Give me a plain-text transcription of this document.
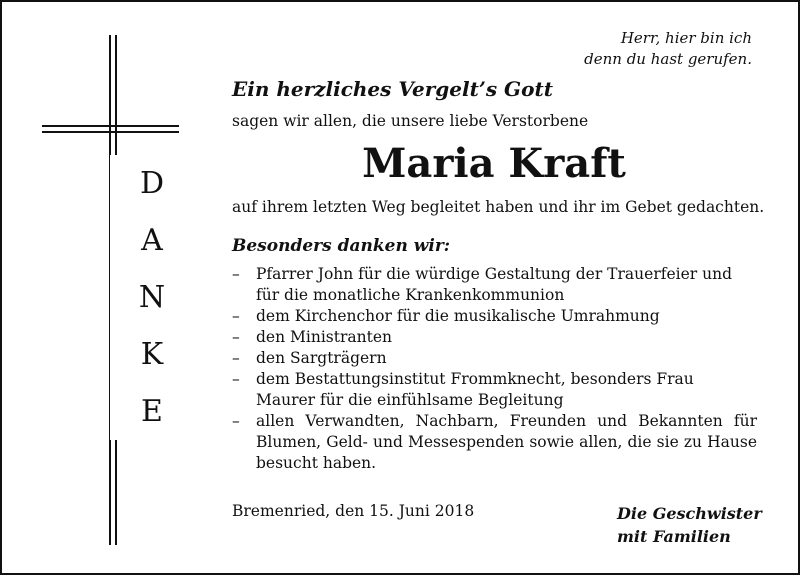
D
A
N
K
E
Herr, hier bin ich
denn du hast gerufen.
Ein herzliches Vergelt’s Gott
sagen wir allen, die unsere liebe Verstorbene
Maria Kraft
auf ihrem letzten Weg begleitet haben und ihr im Gebet gedachten.
Besonders danken wir:
– Pfarrer John für die würdige Gestaltung der Trauerfeier und für die monatliche Krankenkommunion
– dem Kirchenchor für die musikalische Umrahmung
– den Ministranten
– den Sargträgern
– dem Bestattungsinstitut Frommknecht, besonders Frau Maurer für die einfühlsame Begleitung
– allen Verwandten, Nachbarn, Freunden und Bekannten für Blumen, Geld- und Messespenden sowie allen, die sie zu Hause besucht haben.
Bremenried, den 15. Juni 2018	Die Geschwister
mit Familien
